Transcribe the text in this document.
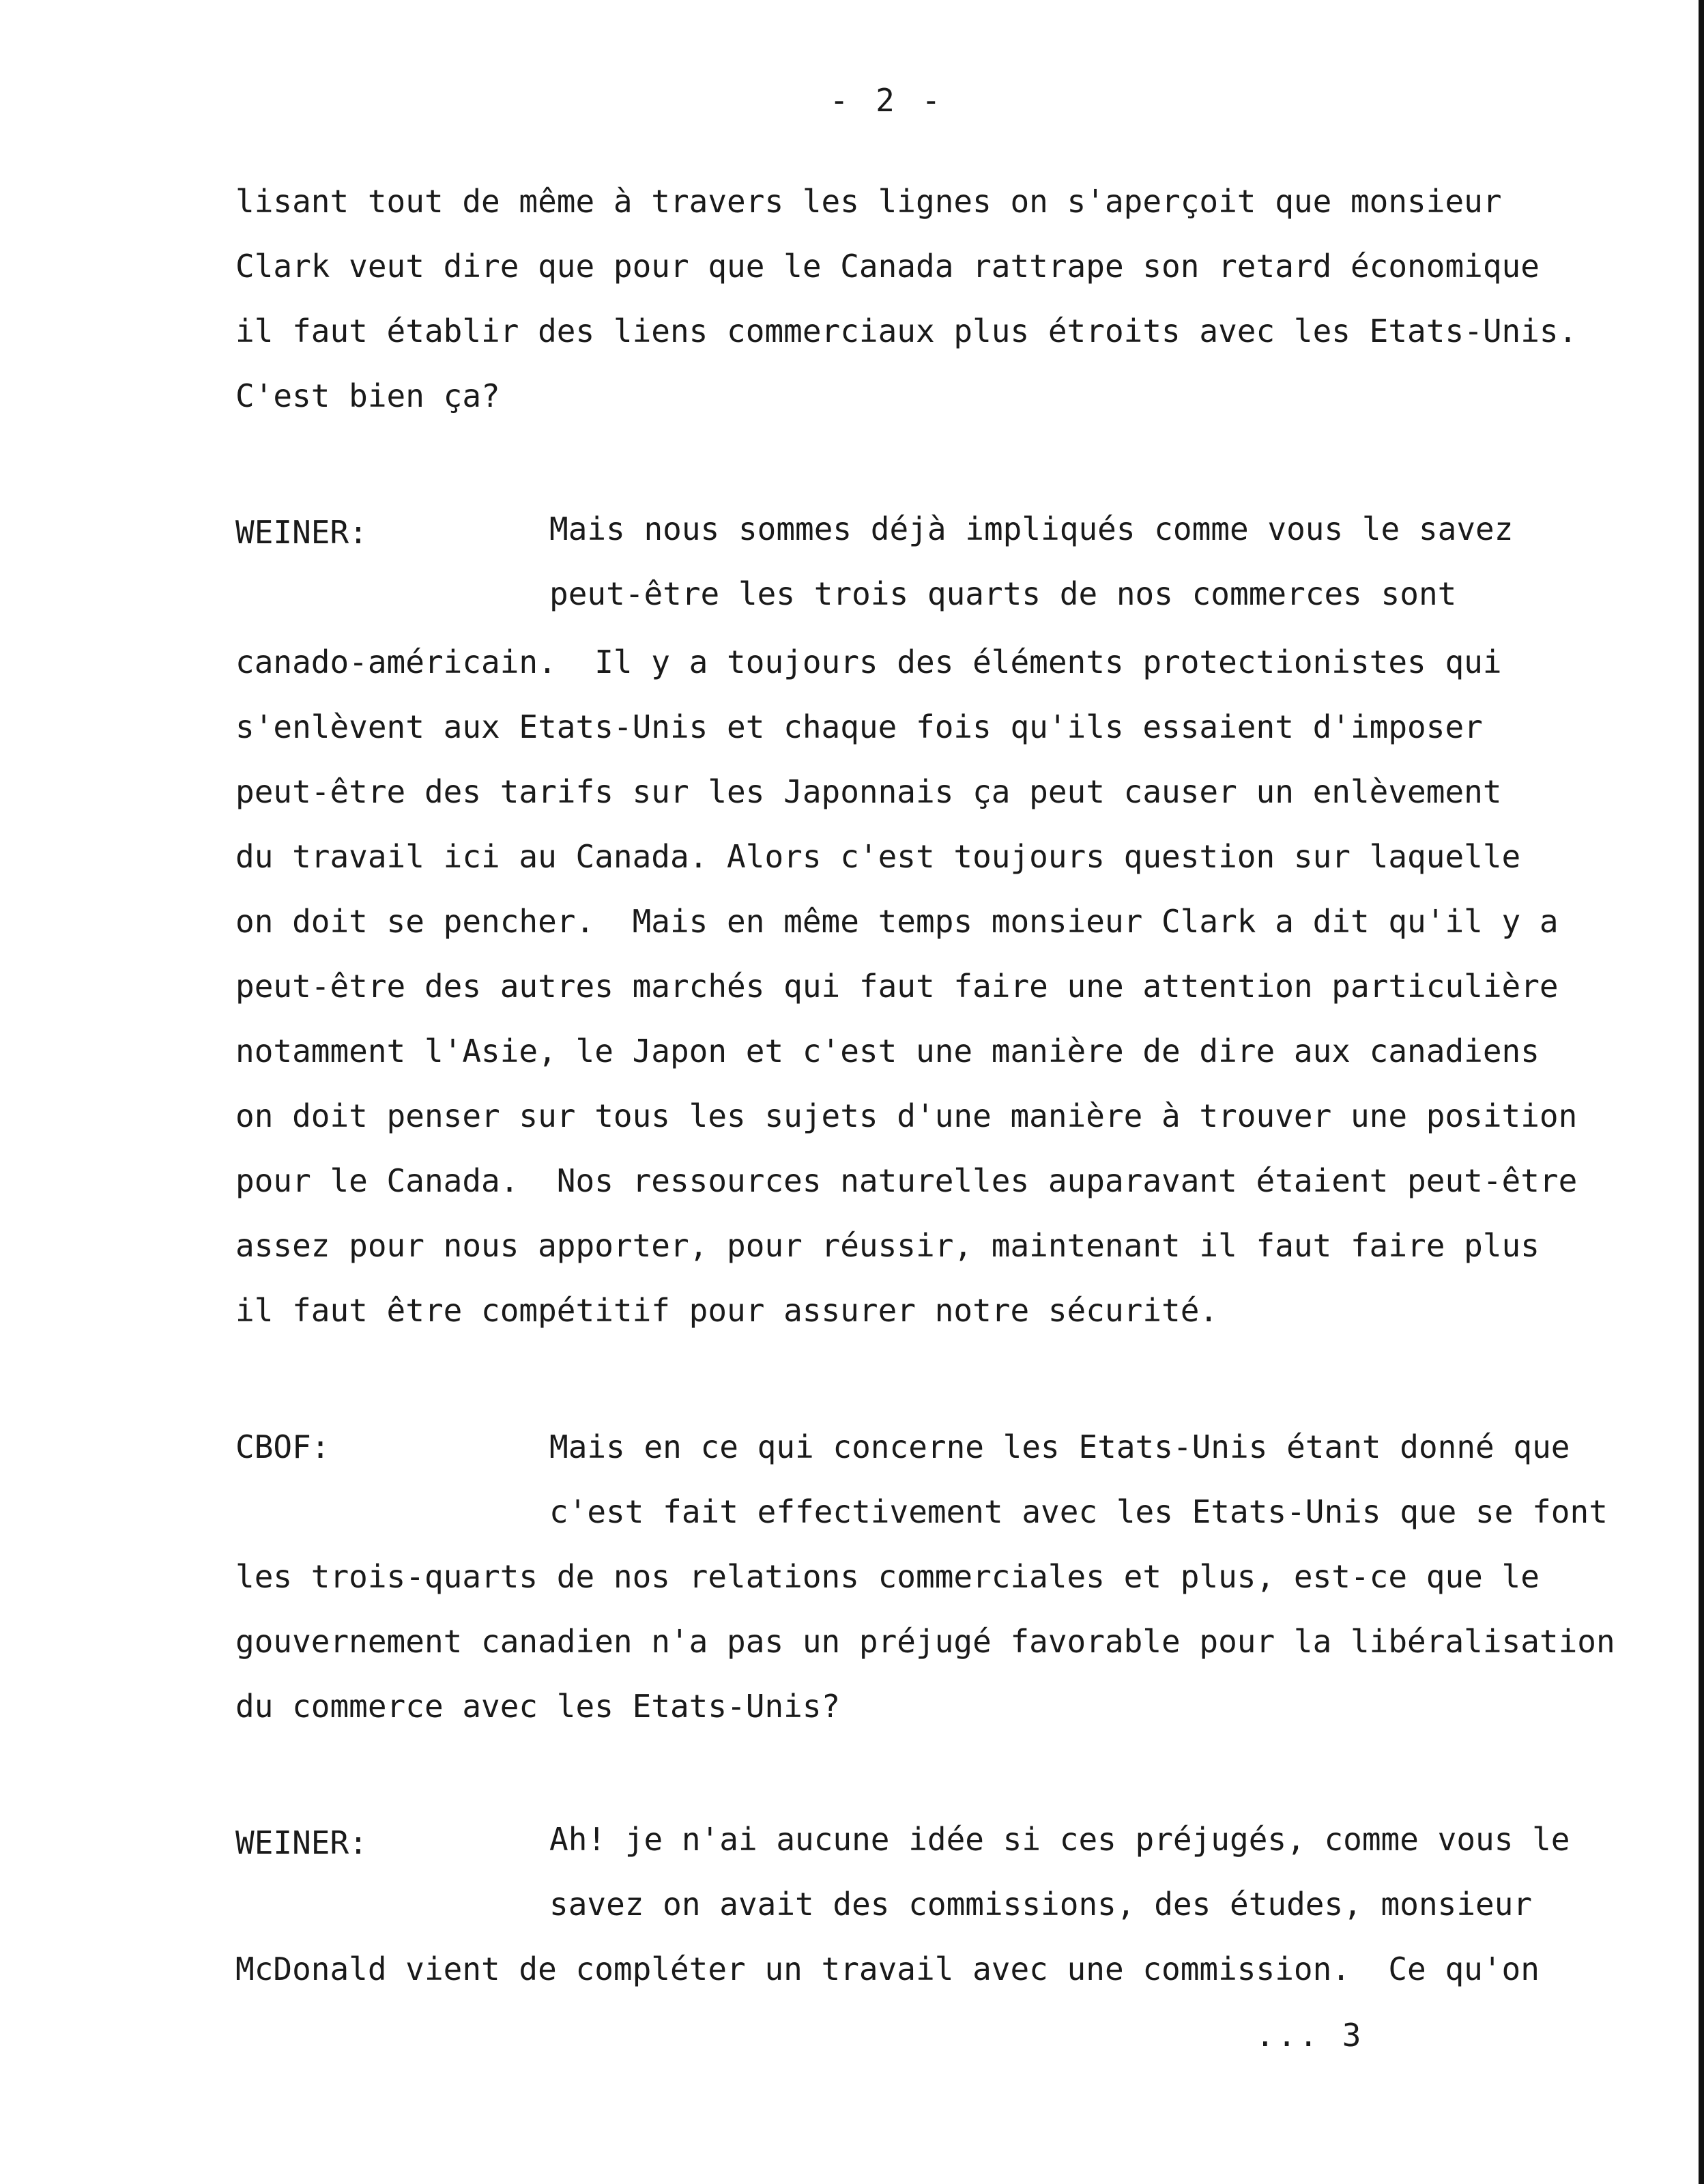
- 2 -
lisant tout de même à travers les lignes on s'aperçoit que monsieur
Clark veut dire que pour que le Canada rattrape son retard économique
il faut établir des liens commerciaux plus étroits avec les Etats-Unis.
C'est bien ça?
WEINER:	Mais nous sommes déjà impliqués comme vous le savez
peut-être les trois quarts de nos commerces sont
canado-américain.  Il y a toujours des éléments protectionistes qui
s'enlèvent aux Etats-Unis et chaque fois qu'ils essaient d'imposer
peut-être des tarifs sur les Japonnais ça peut causer un enlèvement
du travail ici au Canada. Alors c'est toujours question sur laquelle
on doit se pencher.  Mais en même temps monsieur Clark a dit qu'il y a
peut-être des autres marchés qui faut faire une attention particulière
notamment l'Asie, le Japon et c'est une manière de dire aux canadiens
on doit penser sur tous les sujets d'une manière à trouver une position
pour le Canada.  Nos ressources naturelles auparavant étaient peut-être
assez pour nous apporter, pour réussir, maintenant il faut faire plus
il faut être compétitif pour assurer notre sécurité.
CBOF:	Mais en ce qui concerne les Etats-Unis étant donné que
c'est fait effectivement avec les Etats-Unis que se font
les trois-quarts de nos relations commerciales et plus, est-ce que le
gouvernement canadien n'a pas un préjugé favorable pour la libéralisation
du commerce avec les Etats-Unis?
WEINER:	Ah! je n'ai aucune idée si ces préjugés, comme vous le
savez on avait des commissions, des études, monsieur
McDonald vient de compléter un travail avec une commission.  Ce qu'on
... 3
